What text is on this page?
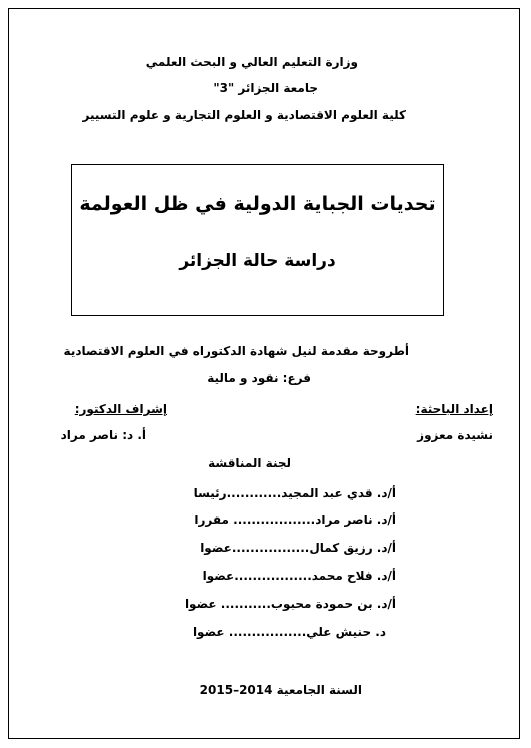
وزارة التعليم العالي و البحث العلمي
جامعة الجزائر "3"
كلية العلوم الاقتصادية و العلوم التجارية و علوم التسيير
تحديات الجباية الدولية في ظل العولمة
دراسة حالة الجزائر
أطروحة مقدمة لنيل شهادة الدكتوراه في العلوم الاقتصادية
فرع: نقود و مالية
إعداد الباحثة:
نشيدة معزوز
إشراف الدكتور:
أ. د: ناصر مراد
لجنة المناقشة
أ/د. قدي عبد المجيد............رئيسا
أ/د. ناصر مراد.................. مقررا
أ/د. رزيق كمال.................عضوا
أ/د. فلاح محمد.................عضوا
أ/د. بن حمودة محبوب........... عضوا
د. حنيش علي................. عضوا
السنة الجامعية 2014–2015
